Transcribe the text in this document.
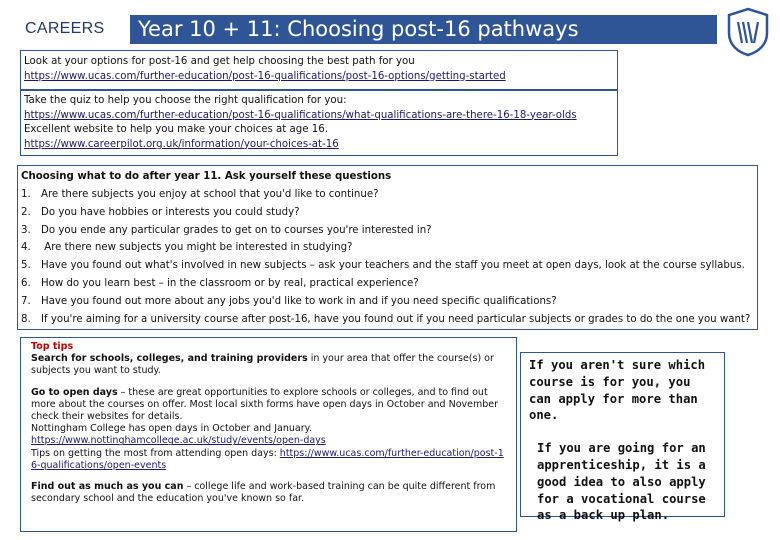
CAREERS	Year 10 + 11: Choosing post-16 pathways
Look at your options for post-16 and get help choosing the best path for you
https://www.ucas.com/further-education/post-16-qualifications/post-16-options/getting-started
Take the quiz to help you choose the right qualification for you:
https://www.ucas.com/further-education/post-16-qualifications/what-qualifications-are-there-16-18-year-olds
Excellent website to help you make your choices at age 16.
https://www.careerpilot.org.uk/information/your-choices-at-16
Choosing what to do after year 11. Ask yourself these questions
1.	Are there subjects you enjoy at school that you'd like to continue?
2.	Do you have hobbies or interests you could study?
3.	Do you ende any particular grades to get on to courses you're interested in?
4.	Are there new subjects you might be interested in studying?
5.	Have you found out what's involved in new subjects – ask your teachers and the staff you meet at open days, look at the course syllabus.
6.	How do you learn best – in the classroom or by real, practical experience?
7.	Have you found out more about any jobs you'd like to work in and if you need specific qualifications?
8.	If you're aiming for a university course after post-16, have you found out if you need particular subjects or grades to do the one you want?
Top tips
Search for schools, colleges, and training providers in your area that offer the course(s) or subjects you want to study.
Go to open days – these are great opportunities to explore schools or colleges, and to find out more about the courses on offer. Most local sixth forms have open days in October and November check their websites for details.
Nottingham College has open days in October and January.
https://www.nottinghamcollege.ac.uk/study/events/open-days
Tips on getting the most from attending open days: https://www.ucas.com/further-education/post-16-qualifications/open-events
Find out as much as you can – college life and work-based training can be quite different from secondary school and the education you've known so far.
If you aren't sure which course is for you, you can apply for more than one.
If you are going for an apprenticeship, it is a good idea to also apply for a vocational course as a back up plan.
